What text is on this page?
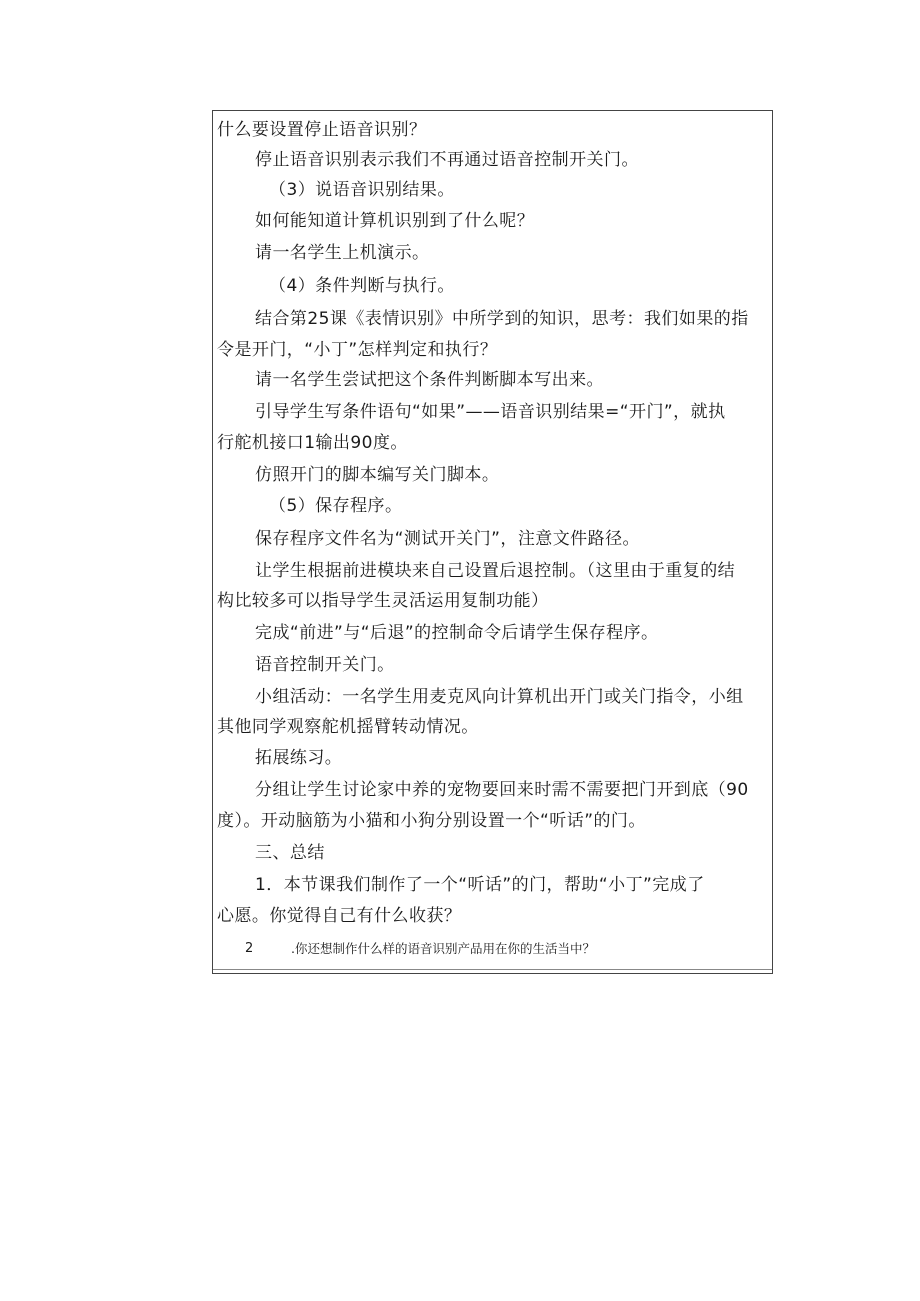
什么要设置停止语音识别？
停止语音识别表示我们不再通过语音控制开关门。
（3）说语音识别结果。
如何能知道计算机识别到了什么呢？
请一名学生上机演示。
（4）条件判断与执行。
结合第25课《表情识别》中所学到的知识，思考：我们如果的指
令是开门，“小丁”怎样判定和执行？
请一名学生尝试把这个条件判断脚本写出来。
引导学生写条件语句“如果”——语音识别结果=“开门”，就执
行舵机接口1输出90度。
仿照开门的脚本编写关门脚本。
（5）保存程序。
保存程序文件名为“测试开关门”，注意文件路径。
让学生根据前进模块来自己设置后退控制。（这里由于重复的结
构比较多可以指导学生灵活运用复制功能）
完成“前进”与“后退”的控制命令后请学生保存程序。
语音控制开关门。
小组活动：一名学生用麦克风向计算机出开门或关门指令，小组
其他同学观察舵机摇臂转动情况。
拓展练习。
分组让学生讨论家中养的宠物要回来时需不需要把门开到底（90
度）。开动脑筋为小猫和小狗分别设置一个“听话”的门。
三、总结
1．本节课我们制作了一个“听话”的门，帮助“小丁”完成了
心愿。你觉得自己有什么收获？
2	.你还想制作什么样的语音识别产品用在你的生活当中？
